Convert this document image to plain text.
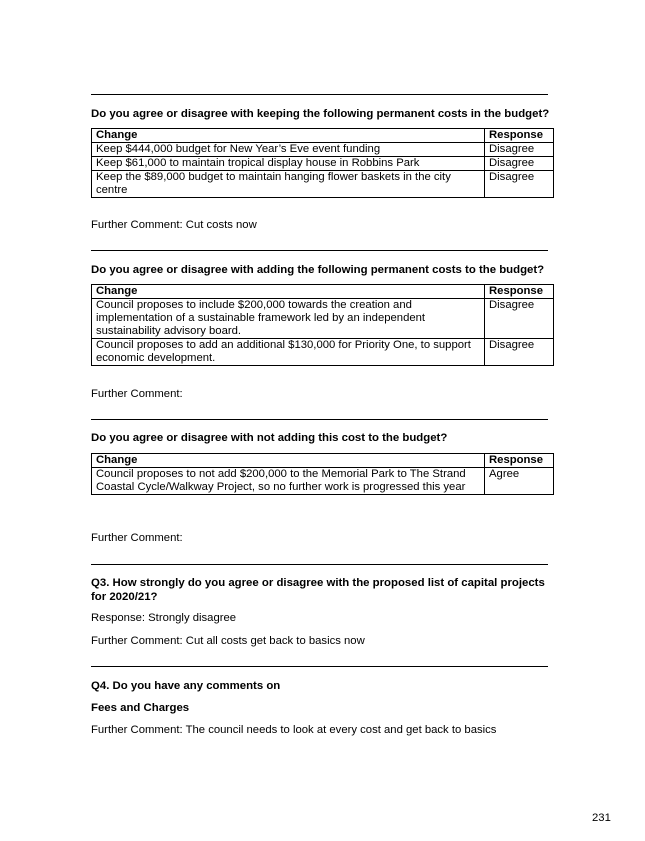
Do you agree or disagree with keeping the following permanent costs in the budget?
Change	Response
Keep $444,000 budget for New Year’s Eve event funding	Disagree
Keep $61,000 to maintain tropical display house in Robbins Park	Disagree
Keep the $89,000 budget to maintain hanging flower baskets in the city centre	Disagree
Further Comment: Cut costs now
Do you agree or disagree with adding the following permanent costs to the budget?
Change	Response
Council proposes to include $200,000 towards the creation and implementation of a sustainable framework led by an independent sustainability advisory board.	Disagree
Council proposes to add an additional $130,000 for Priority One, to support economic development.	Disagree
Further Comment:
Do you agree or disagree with not adding this cost to the budget?
Change	Response
Council proposes to not add $200,000 to the Memorial Park to The Strand Coastal Cycle/Walkway Project, so no further work is progressed this year	Agree
Further Comment:
Q3. How strongly do you agree or disagree with the proposed list of capital projects for 2020/21?
Response: Strongly disagree
Further Comment: Cut all costs get back to basics now
Q4. Do you have any comments on
Fees and Charges
Further Comment: The council needs to look at every cost and get back to basics
231
